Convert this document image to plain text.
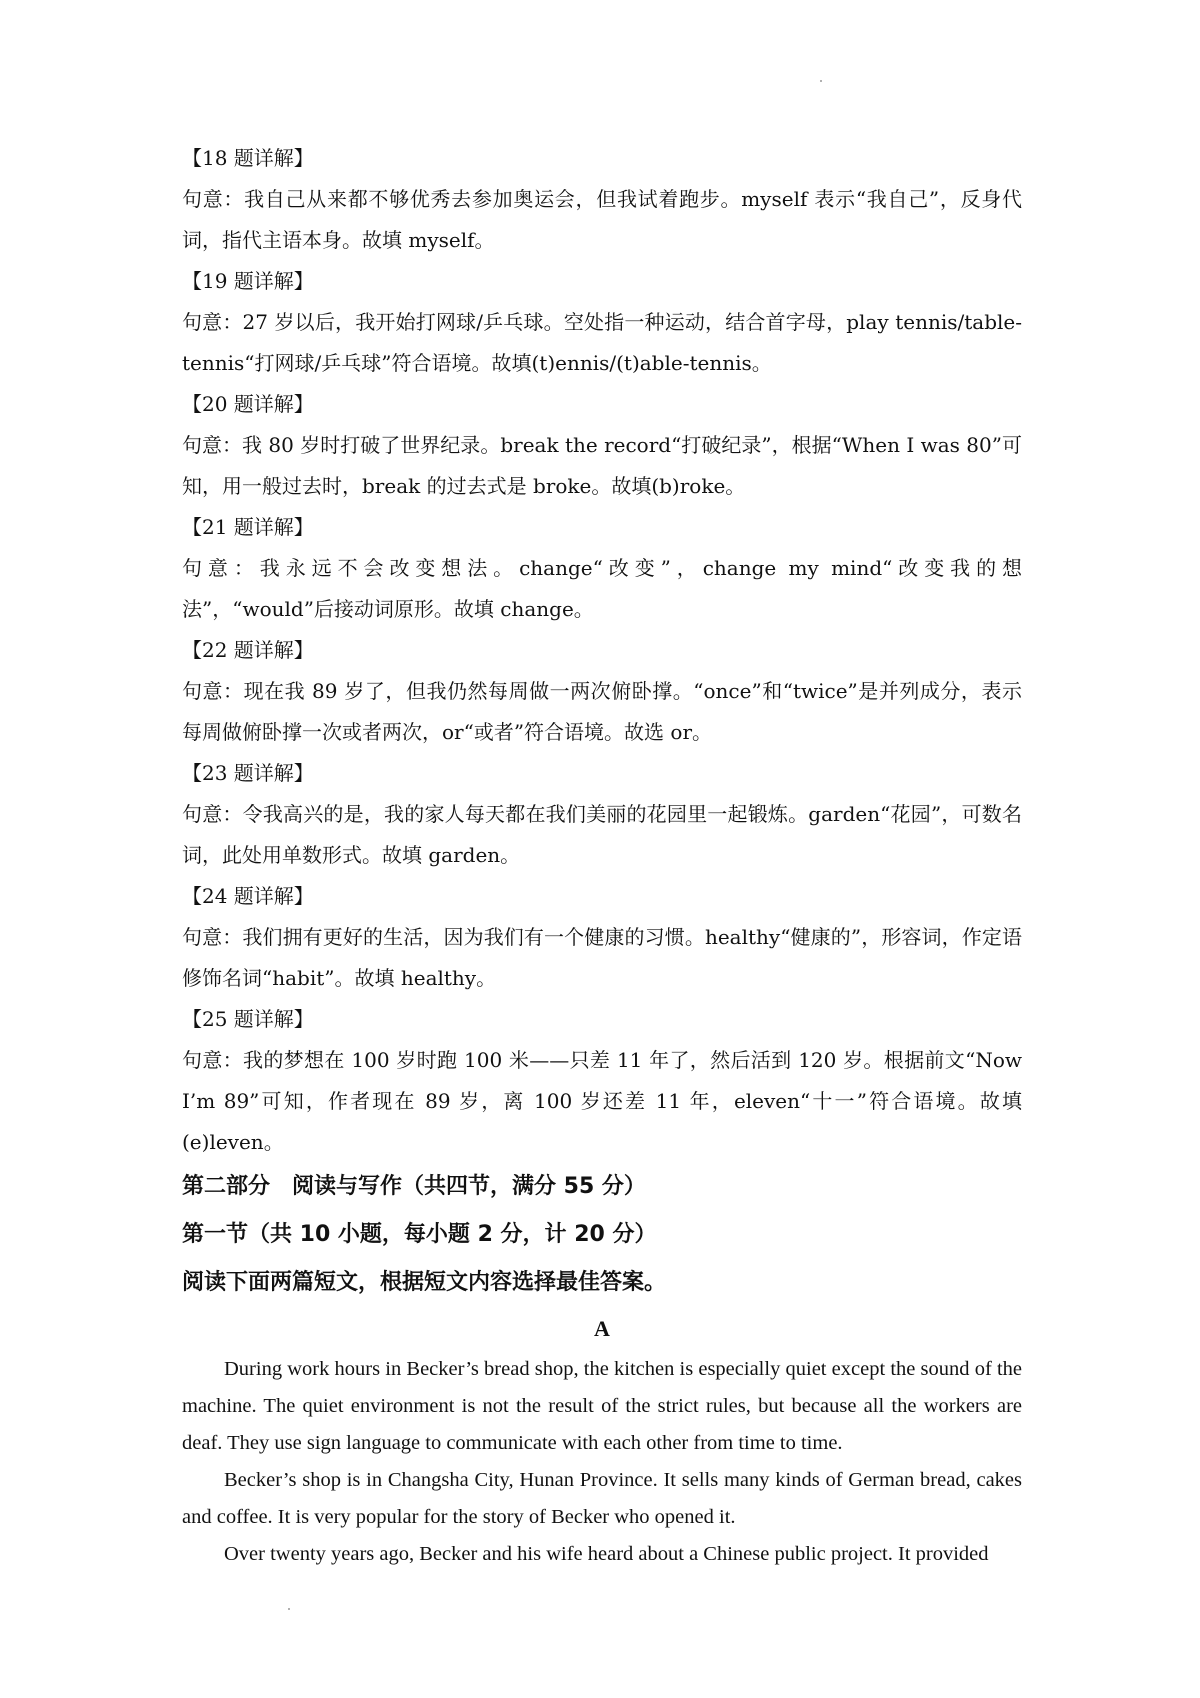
【18 题详解】

句意：我自己从来都不够优秀去参加奥运会，但我试着跑步。myself 表示“我自己”，反身代词，指代主语本身。故填 myself。

【19 题详解】

句意：27 岁以后，我开始打网球/乒乓球。空处指一种运动，结合首字母，play tennis/table-tennis“打网球/乒乓球”符合语境。故填(t)ennis/(t)able-tennis。

【20 题详解】

句意：我 80 岁时打破了世界纪录。break the record“打破纪录”，根据“When I was 80”可知，用一般过去时，break 的过去式是 broke。故填(b)roke。

【21 题详解】

句意：我永远不会改变想法。change“改变”，change my mind“改变我的想法”，“would”后接动词原形。故填 change。

【22 题详解】

句意：现在我 89 岁了，但我仍然每周做一两次俯卧撑。“once”和“twice”是并列成分，表示每周做俯卧撑一次或者两次，or“或者”符合语境。故选 or。

【23 题详解】

句意：令我高兴的是，我的家人每天都在我们美丽的花园里一起锻炼。garden“花园”，可数名词，此处用单数形式。故填 garden。

【24 题详解】

句意：我们拥有更好的生活，因为我们有一个健康的习惯。healthy“健康的”，形容词，作定语修饰名词“habit”。故填 healthy。

【25 题详解】

句意：我的梦想在 100 岁时跑 100 米——只差 11 年了，然后活到 120 岁。根据前文“Now I’m 89”可知，作者现在 89 岁，离 100 岁还差 11 年，eleven“十一”符合语境。故填(e)leven。

第二部分　阅读与写作（共四节，满分 55 分）

第一节（共 10 小题，每小题 2 分，计 20 分）

阅读下面两篇短文，根据短文内容选择最佳答案。

A

During work hours in Becker’s bread shop, the kitchen is especially quiet except the sound of the machine. The quiet environment is not the result of the strict rules, but because all the workers are deaf. They use sign language to communicate with each other from time to time.

Becker’s shop is in Changsha City, Hunan Province. It sells many kinds of German bread, cakes and coffee. It is very popular for the story of Becker who opened it.

Over twenty years ago, Becker and his wife heard about a Chinese public project. It provided
